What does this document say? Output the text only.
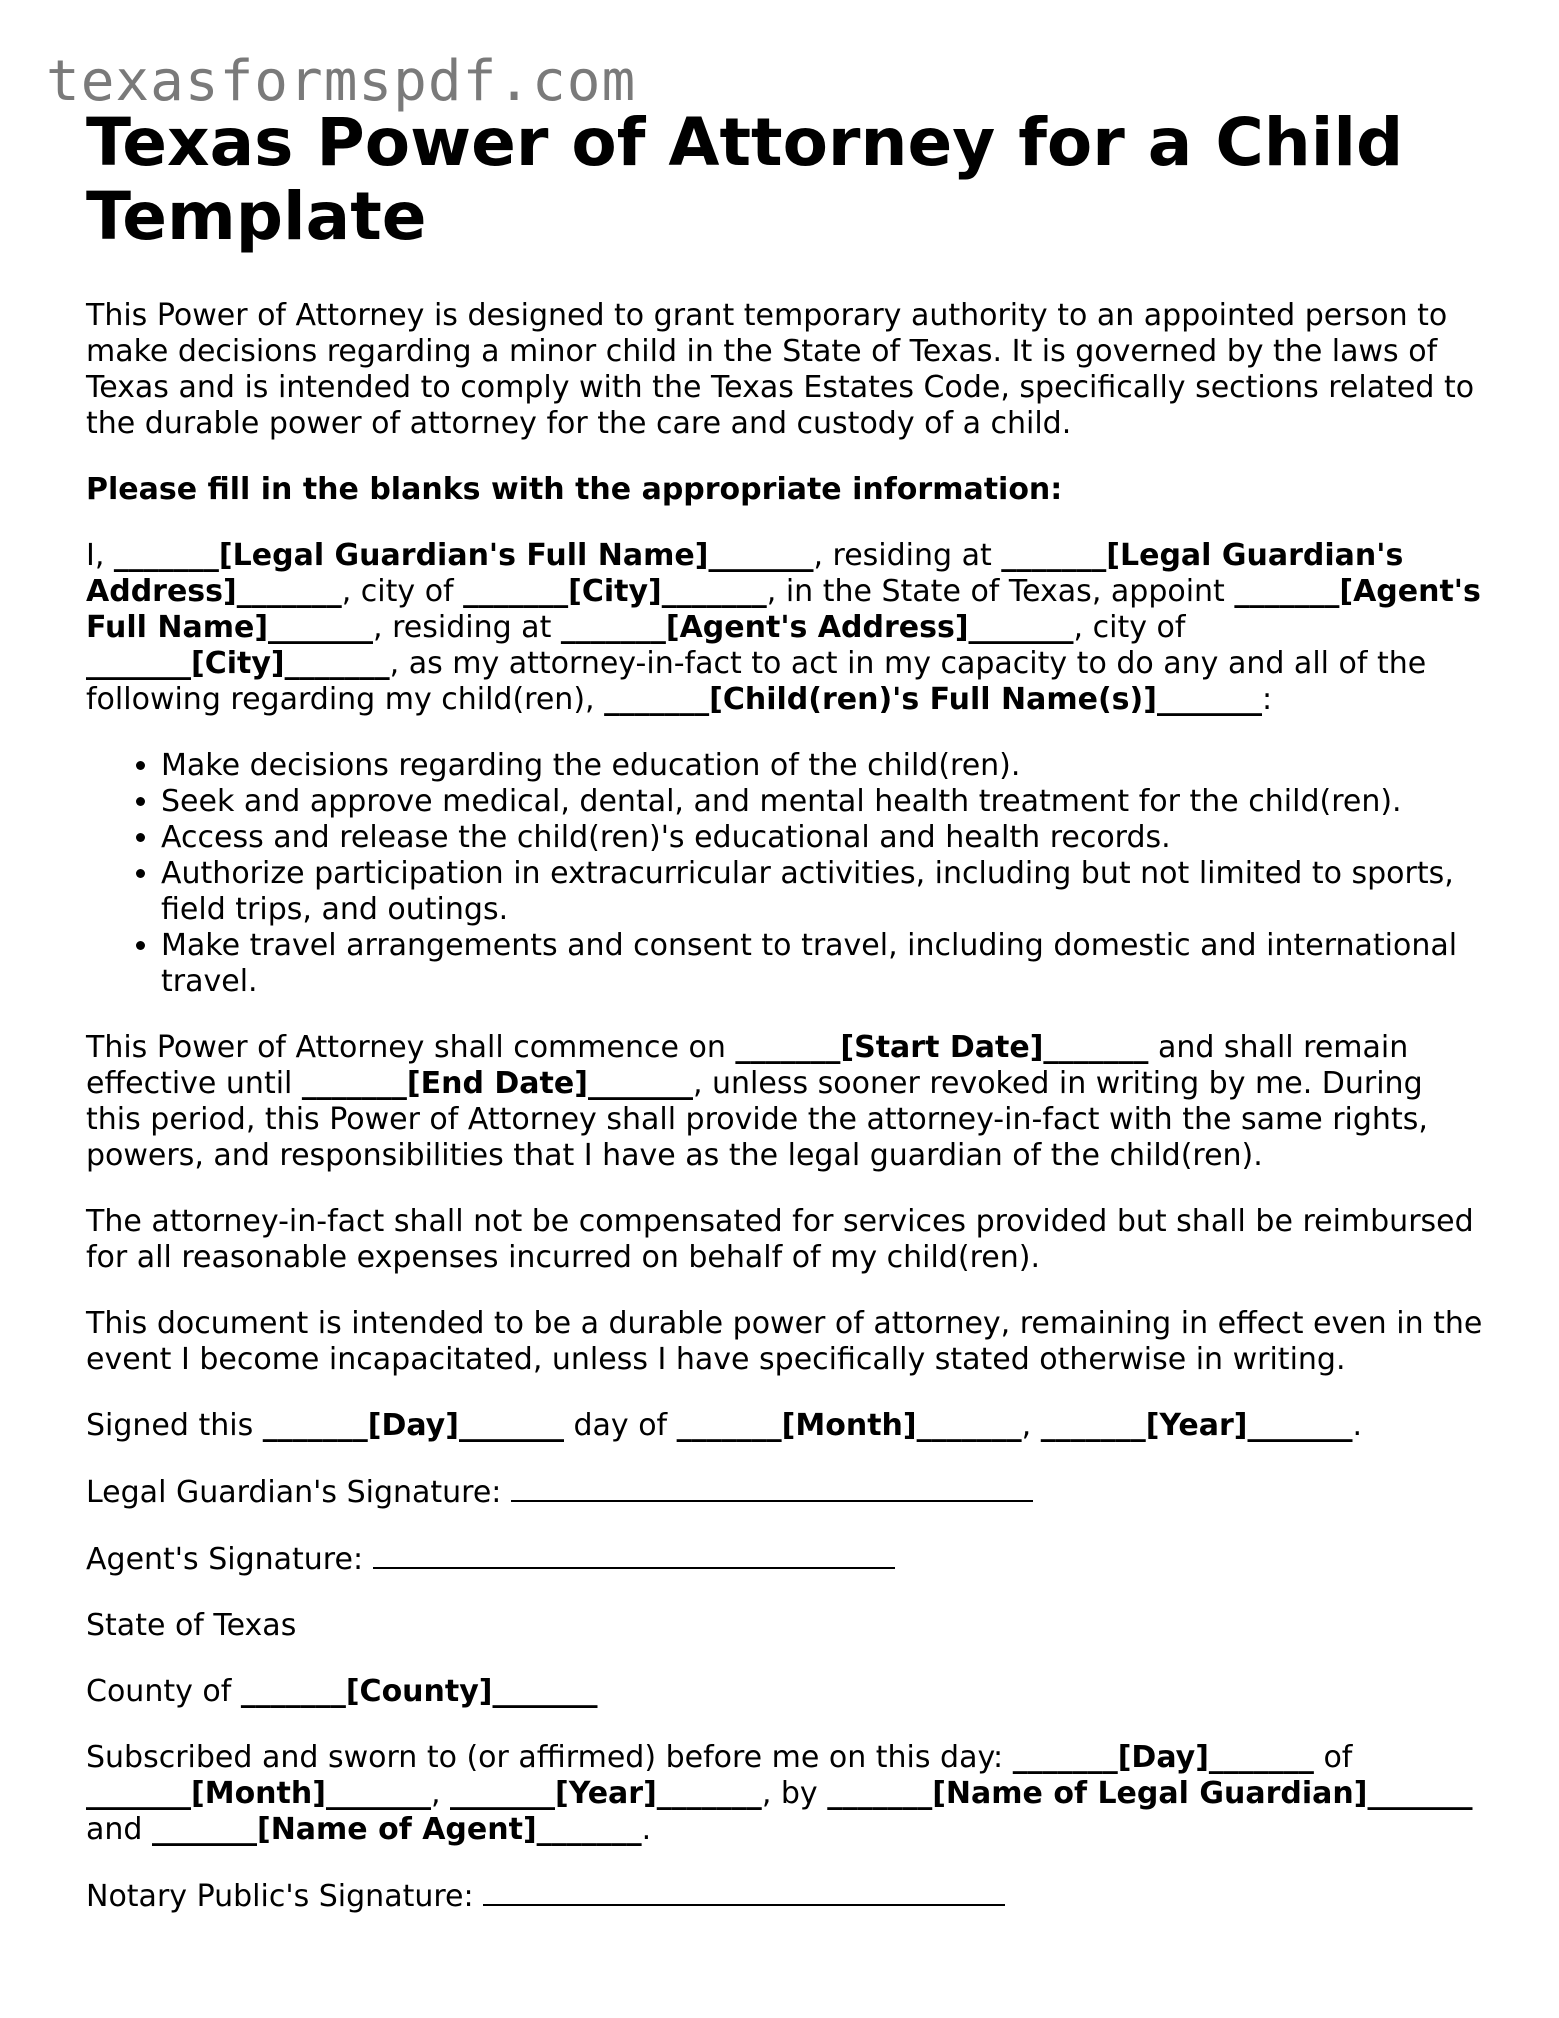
texasformspdf.com
Texas Power of Attorney for a Child Template

This Power of Attorney is designed to grant temporary authority to an appointed person to make decisions regarding a minor child in the State of Texas. It is governed by the laws of Texas and is intended to comply with the Texas Estates Code, specifically sections related to the durable power of attorney for the care and custody of a child.

Please fill in the blanks with the appropriate information:

I, _______[Legal Guardian's Full Name]_______, residing at _______[Legal Guardian's Address]_______, city of _______[City]_______, in the State of Texas, appoint _______[Agent's Full Name]_______, residing at _______[Agent's Address]_______, city of _______[City]_______, as my attorney-in-fact to act in my capacity to do any and all of the following regarding my child(ren), _______[Child(ren)'s Full Name(s)]_______:

• Make decisions regarding the education of the child(ren).
• Seek and approve medical, dental, and mental health treatment for the child(ren).
• Access and release the child(ren)'s educational and health records.
• Authorize participation in extracurricular activities, including but not limited to sports, field trips, and outings.
• Make travel arrangements and consent to travel, including domestic and international travel.

This Power of Attorney shall commence on _______[Start Date]_______ and shall remain effective until _______[End Date]_______, unless sooner revoked in writing by me. During this period, this Power of Attorney shall provide the attorney-in-fact with the same rights, powers, and responsibilities that I have as the legal guardian of the child(ren).

The attorney-in-fact shall not be compensated for services provided but shall be reimbursed for all reasonable expenses incurred on behalf of my child(ren).

This document is intended to be a durable power of attorney, remaining in effect even in the event I become incapacitated, unless I have specifically stated otherwise in writing.

Signed this _______[Day]_______ day of _______[Month]_______, _______[Year]_______.

Legal Guardian's Signature:

Agent's Signature:

State of Texas

County of _______[County]_______

Subscribed and sworn to (or affirmed) before me on this day: _______[Day]_______ of _______[Month]_______, _______[Year]_______, by _______[Name of Legal Guardian]_______ and _______[Name of Agent]_______.

Notary Public's Signature:
